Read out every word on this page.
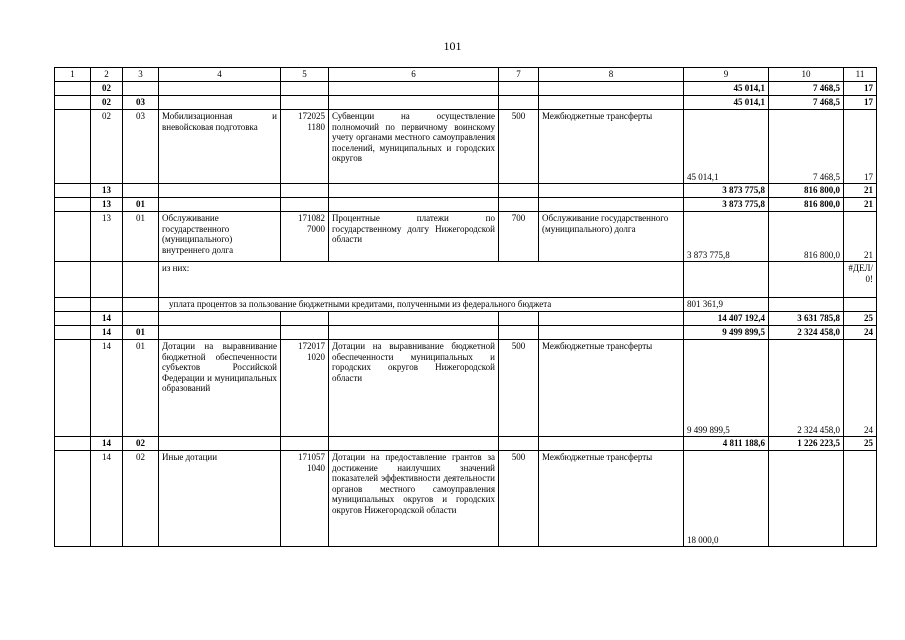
101
1	2	3	4	5	6	7	8	9	10	11
	02							45 014,1	7 468,5	17
	02	03						45 014,1	7 468,5	17
	02	03	Мобилизационная и вневойсковая подготовка	172025 1180	Субвенции на осуществление полномочий по первичному воинскому учету органами местного самоуправления поселений, муниципальных и городских округов	500	Межбюджетные трансферты	45 014,1	7 468,5	17
	13							3 873 775,8	816 800,0	21
	13	01						3 873 775,8	816 800,0	21
	13	01	Обслуживание государственного (муниципального) внутреннего долга	171082 7000	Процентные платежи по государственному долгу Нижегородской области	700	Обслуживание государственного (муниципального) долга	3 873 775,8	816 800,0	21
			из них:							#ДЕЛ/0!
			уплата процентов за пользование бюджетными кредитами, полученными из федерального бюджета					801 361,9		
	14							14 407 192,4	3 631 785,8	25
	14	01						9 499 899,5	2 324 458,0	24
	14	01	Дотации на выравнивание бюджетной обеспеченности субъектов Российской Федерации и муниципальных образований	172017 1020	Дотации на выравнивание бюджетной обеспеченности муниципальных и городских округов Нижегородской области	500	Межбюджетные трансферты	9 499 899,5	2 324 458,0	24
	14	02						4 811 188,6	1 226 223,5	25
	14	02	Иные дотации	171057 1040	Дотации на предоставление грантов за достижение наилучших значений показателей эффективности деятельности органов местного самоуправления муниципальных округов и городских округов Нижегородской области	500	Межбюджетные трансферты	18 000,0		
